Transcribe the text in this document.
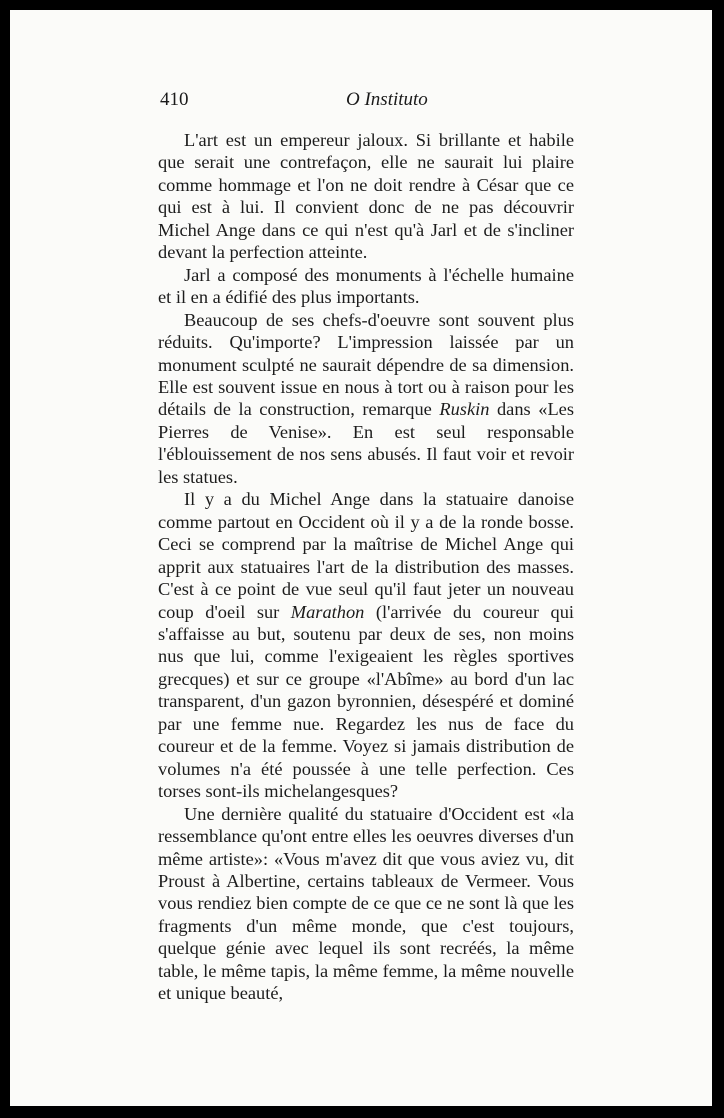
410	O Instituto

L'art est un empereur jaloux. Si brillante et habile que serait une contrefaçon, elle ne saurait lui plaire comme hommage et l'on ne doit rendre à César que ce qui est à lui. Il convient donc de ne pas découvrir Michel Ange dans ce qui n'est qu'à Jarl et de s'incliner devant la perfection atteinte.

Jarl a composé des monuments à l'échelle humaine et il en a édifié des plus importants.

Beaucoup de ses chefs-d'oeuvre sont souvent plus réduits. Qu'importe? L'impression laissée par un monument sculpté ne saurait dépendre de sa dimension. Elle est souvent issue en nous à tort ou à raison pour les détails de la construction, remarque Ruskin dans «Les Pierres de Venise». En est seul responsable l'éblouissement de nos sens abusés. Il faut voir et revoir les statues.

Il y a du Michel Ange dans la statuaire danoise comme partout en Occident où il y a de la ronde bosse. Ceci se comprend par la maîtrise de Michel Ange qui apprit aux statuaires l'art de la distribution des masses. C'est à ce point de vue seul qu'il faut jeter un nouveau coup d'oeil sur Marathon (l'arrivée du coureur qui s'affaisse au but, soutenu par deux de ses, non moins nus que lui, comme l'exigeaient les règles sportives grecques) et sur ce groupe «l'Abîme» au bord d'un lac transparent, d'un gazon byronnien, désespéré et dominé par une femme nue. Regardez les nus de face du coureur et de la femme. Voyez si jamais distribution de volumes n'a été poussée à une telle perfection. Ces torses sont-ils michelangesques?

Une dernière qualité du statuaire d'Occident est «la ressemblance qu'ont entre elles les oeuvres diverses d'un même artiste»: «Vous m'avez dit que vous aviez vu, dit Proust à Albertine, certains tableaux de Vermeer. Vous vous rendiez bien compte de ce que ce ne sont là que les fragments d'un même monde, que c'est toujours, quelque génie avec lequel ils sont recréés, la même table, le même tapis, la même femme, la même nouvelle et unique beauté,
